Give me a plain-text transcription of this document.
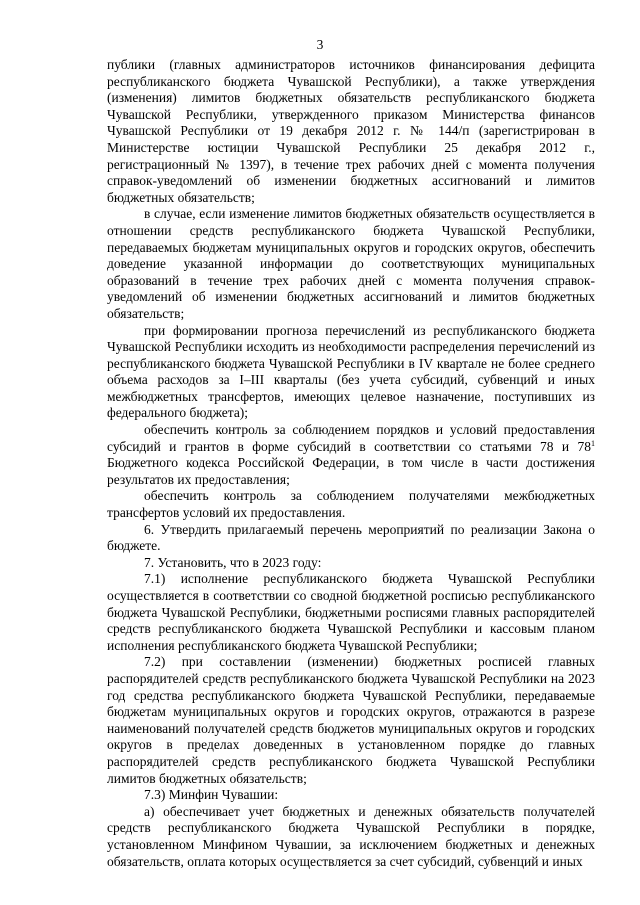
3

публики (главных администраторов источников финансирования дефицита республиканского бюджета Чувашской Республики), а также утверждения (изменения) лимитов бюджетных обязательств республиканского бюджета Чувашской Республики, утвержденного приказом Министерства финансов Чувашской Республики от 19 декабря 2012 г. № 144/п (зарегистрирован в Министерстве юстиции Чувашской Республики 25 декабря 2012 г., регистрационный № 1397), в течение трех рабочих дней с момента получения справок-уведомлений об изменении бюджетных ассигнований и лимитов бюджетных обязательств;

в случае, если изменение лимитов бюджетных обязательств осуществляется в отношении средств республиканского бюджета Чувашской Республики, передаваемых бюджетам муниципальных округов и городских округов, обеспечить доведение указанной информации до соответствующих муниципальных образований в течение трех рабочих дней с момента получения справок-уведомлений об изменении бюджетных ассигнований и лимитов бюджетных обязательств;

при формировании прогноза перечислений из республиканского бюджета Чувашской Республики исходить из необходимости распределения перечислений из республиканского бюджета Чувашской Республики в IV квартале не более среднего объема расходов за I–III кварталы (без учета субсидий, субвенций и иных межбюджетных трансфертов, имеющих целевое назначение, поступивших из федерального бюджета);

обеспечить контроль за соблюдением порядков и условий предоставления субсидий и грантов в форме субсидий в соответствии со статьями 78 и $78^1$ Бюджетного кодекса Российской Федерации, в том числе в части достижения результатов их предоставления;

обеспечить контроль за соблюдением получателями межбюджетных трансфертов условий их предоставления.

6. Утвердить прилагаемый перечень мероприятий по реализации Закона о бюджете.

7. Установить, что в 2023 году:

7.1) исполнение республиканского бюджета Чувашской Республики осуществляется в соответствии со сводной бюджетной росписью республиканского бюджета Чувашской Республики, бюджетными росписями главных распорядителей средств республиканского бюджета Чувашской Республики и кассовым планом исполнения республиканского бюджета Чувашской Республики;

7.2) при составлении (изменении) бюджетных росписей главных распорядителей средств республиканского бюджета Чувашской Республики на 2023 год средства республиканского бюджета Чувашской Республики, передаваемые бюджетам муниципальных округов и городских округов, отражаются в разрезе наименований получателей средств бюджетов муниципальных округов и городских округов в пределах доведенных в установленном порядке до главных распорядителей средств республиканского бюджета Чувашской Республики лимитов бюджетных обязательств;

7.3) Минфин Чувашии:

а) обеспечивает учет бюджетных и денежных обязательств получателей средств республиканского бюджета Чувашской Республики в порядке, установленном Минфином Чувашии, за исключением бюджетных и денежных обязательств, оплата которых осуществляется за счет субсидий, субвенций и иных
